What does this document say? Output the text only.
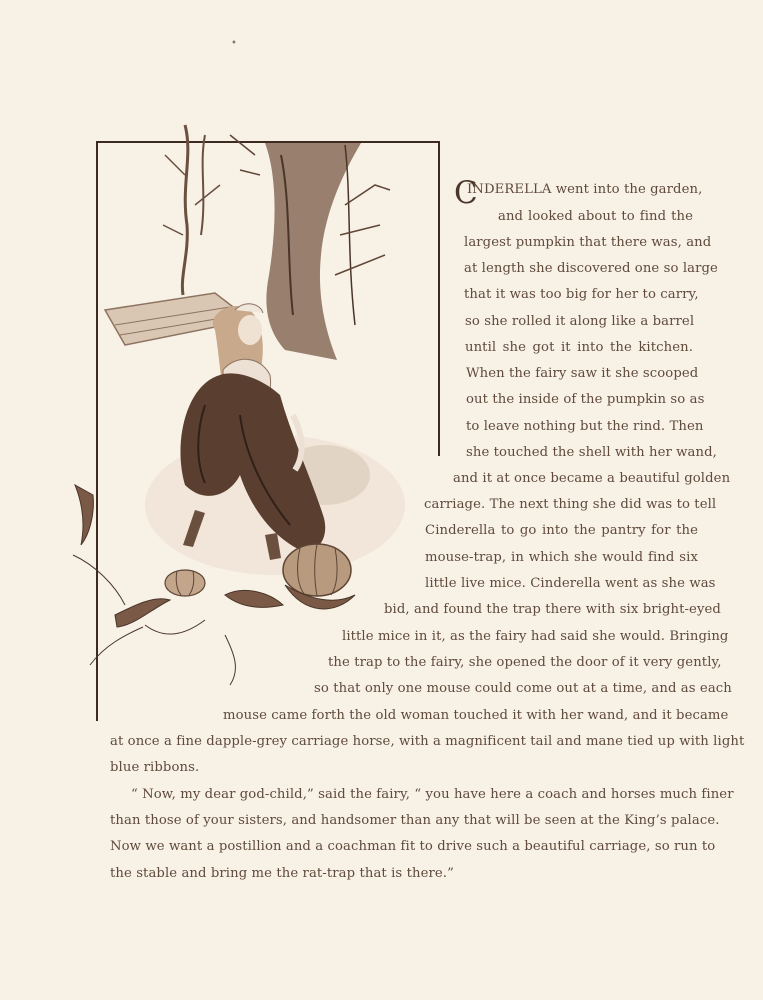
•
C
INDERELLA went into the garden,
and looked about to find the
largest pumpkin that there was, and
at length she discovered one so large
that it was too big for her to carry,
so she rolled it along like a barrel
until she got it into the kitchen.
When the fairy saw it she scooped
out the inside of the pumpkin so as
to leave nothing but the rind. Then
she touched the shell with her wand,
and it at once became a beautiful golden
carriage. The next thing she did was to tell
Cinderella to go into the pantry for the
mouse-trap, in which she would find six
little live mice. Cinderella went as she was
bid, and found the trap there with six bright-eyed
little mice in it, as the fairy had said she would. Bringing
the trap to the fairy, she opened the door of it very gently,
so that only one mouse could come out at a time, and as each
mouse came forth the old woman touched it with her wand, and it became
at once a fine dapple-grey carriage horse, with a magnificent tail and mane tied up with light
blue ribbons.
“ Now, my dear god-child,” said the fairy, “ you have here a coach and horses much finer
than those of your sisters, and handsomer than any that will be seen at the King’s palace.
Now we want a postillion and a coachman fit to drive such a beautiful carriage, so run to
the stable and bring me the rat-trap that is there.”
